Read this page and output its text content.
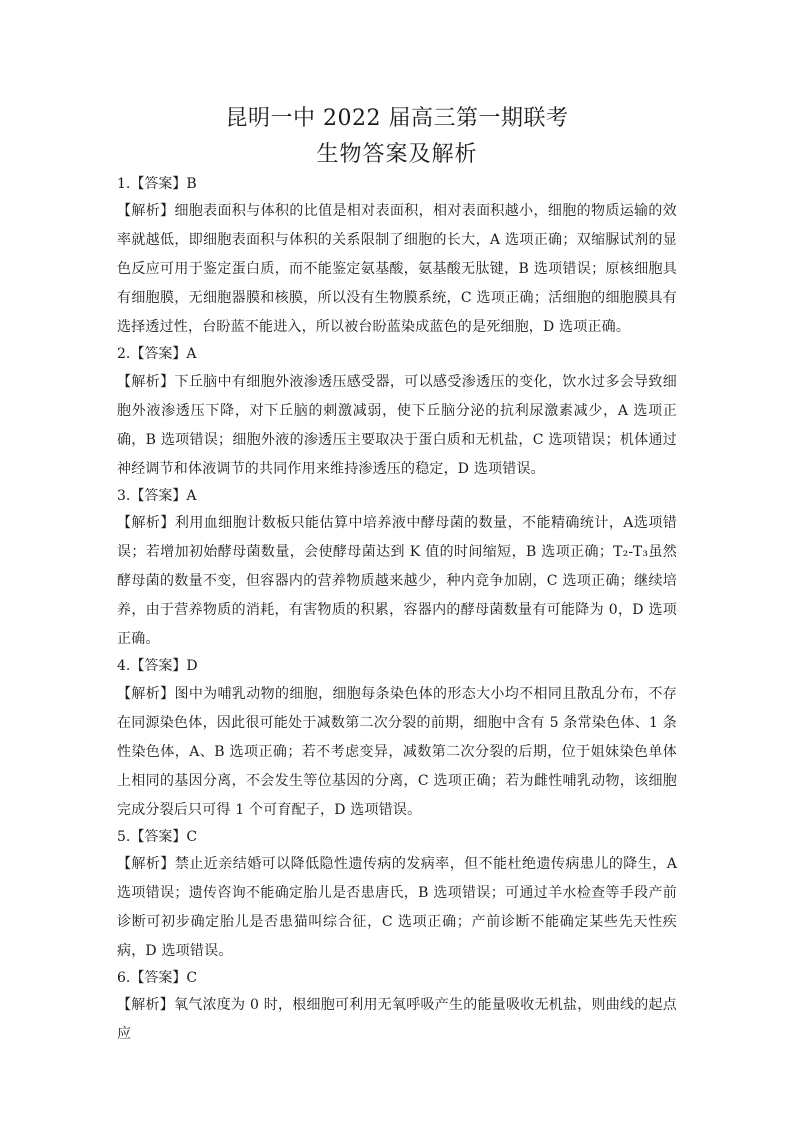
昆明一中 2022 届高三第一期联考
生物答案及解析
1.【答案】B
【解析】细胞表面积与体积的比值是相对表面积，相对表面积越小，细胞的物质运输的效率就越低，即细胞表面积与体积的关系限制了细胞的长大，A 选项正确；双缩脲试剂的显色反应可用于鉴定蛋白质，而不能鉴定氨基酸，氨基酸无肽键，B 选项错误；原核细胞具有细胞膜，无细胞器膜和核膜，所以没有生物膜系统，C 选项正确；活细胞的细胞膜具有选择透过性，台盼蓝不能进入，所以被台盼蓝染成蓝色的是死细胞，D 选项正确。
2.【答案】A
【解析】下丘脑中有细胞外液渗透压感受器，可以感受渗透压的变化，饮水过多会导致细胞外液渗透压下降，对下丘脑的刺激减弱，使下丘脑分泌的抗利尿激素减少，A 选项正确，B 选项错误；细胞外液的渗透压主要取决于蛋白质和无机盐，C 选项错误；机体通过神经调节和体液调节的共同作用来维持渗透压的稳定，D 选项错误。
3.【答案】A
【解析】利用血细胞计数板只能估算中培养液中酵母菌的数量，不能精确统计，A选项错误；若增加初始酵母菌数量，会使酵母菌达到 K 值的时间缩短，B 选项正确；T₂-T₃虽然酵母菌的数量不变，但容器内的营养物质越来越少，种内竞争加剧，C 选项正确；继续培养，由于营养物质的消耗，有害物质的积累，容器内的酵母菌数量有可能降为 0，D 选项正确。
4.【答案】D
【解析】图中为哺乳动物的细胞，细胞每条染色体的形态大小均不相同且散乱分布，不存在同源染色体，因此很可能处于减数第二次分裂的前期，细胞中含有 5 条常染色体、1 条性染色体，A、B 选项正确；若不考虑变异，减数第二次分裂的后期，位于姐妹染色单体上相同的基因分离，不会发生等位基因的分离，C 选项正确；若为雌性哺乳动物，该细胞完成分裂后只可得 1 个可育配子，D 选项错误。
5.【答案】C
【解析】禁止近亲结婚可以降低隐性遗传病的发病率，但不能杜绝遗传病患儿的降生，A 选项错误；遗传咨询不能确定胎儿是否患唐氏，B 选项错误；可通过羊水检查等手段产前诊断可初步确定胎儿是否患猫叫综合征，C 选项正确；产前诊断不能确定某些先天性疾病，D 选项错误。
6.【答案】C
【解析】氧气浓度为 0 时，根细胞可利用无氧呼吸产生的能量吸收无机盐，则曲线的起点应
